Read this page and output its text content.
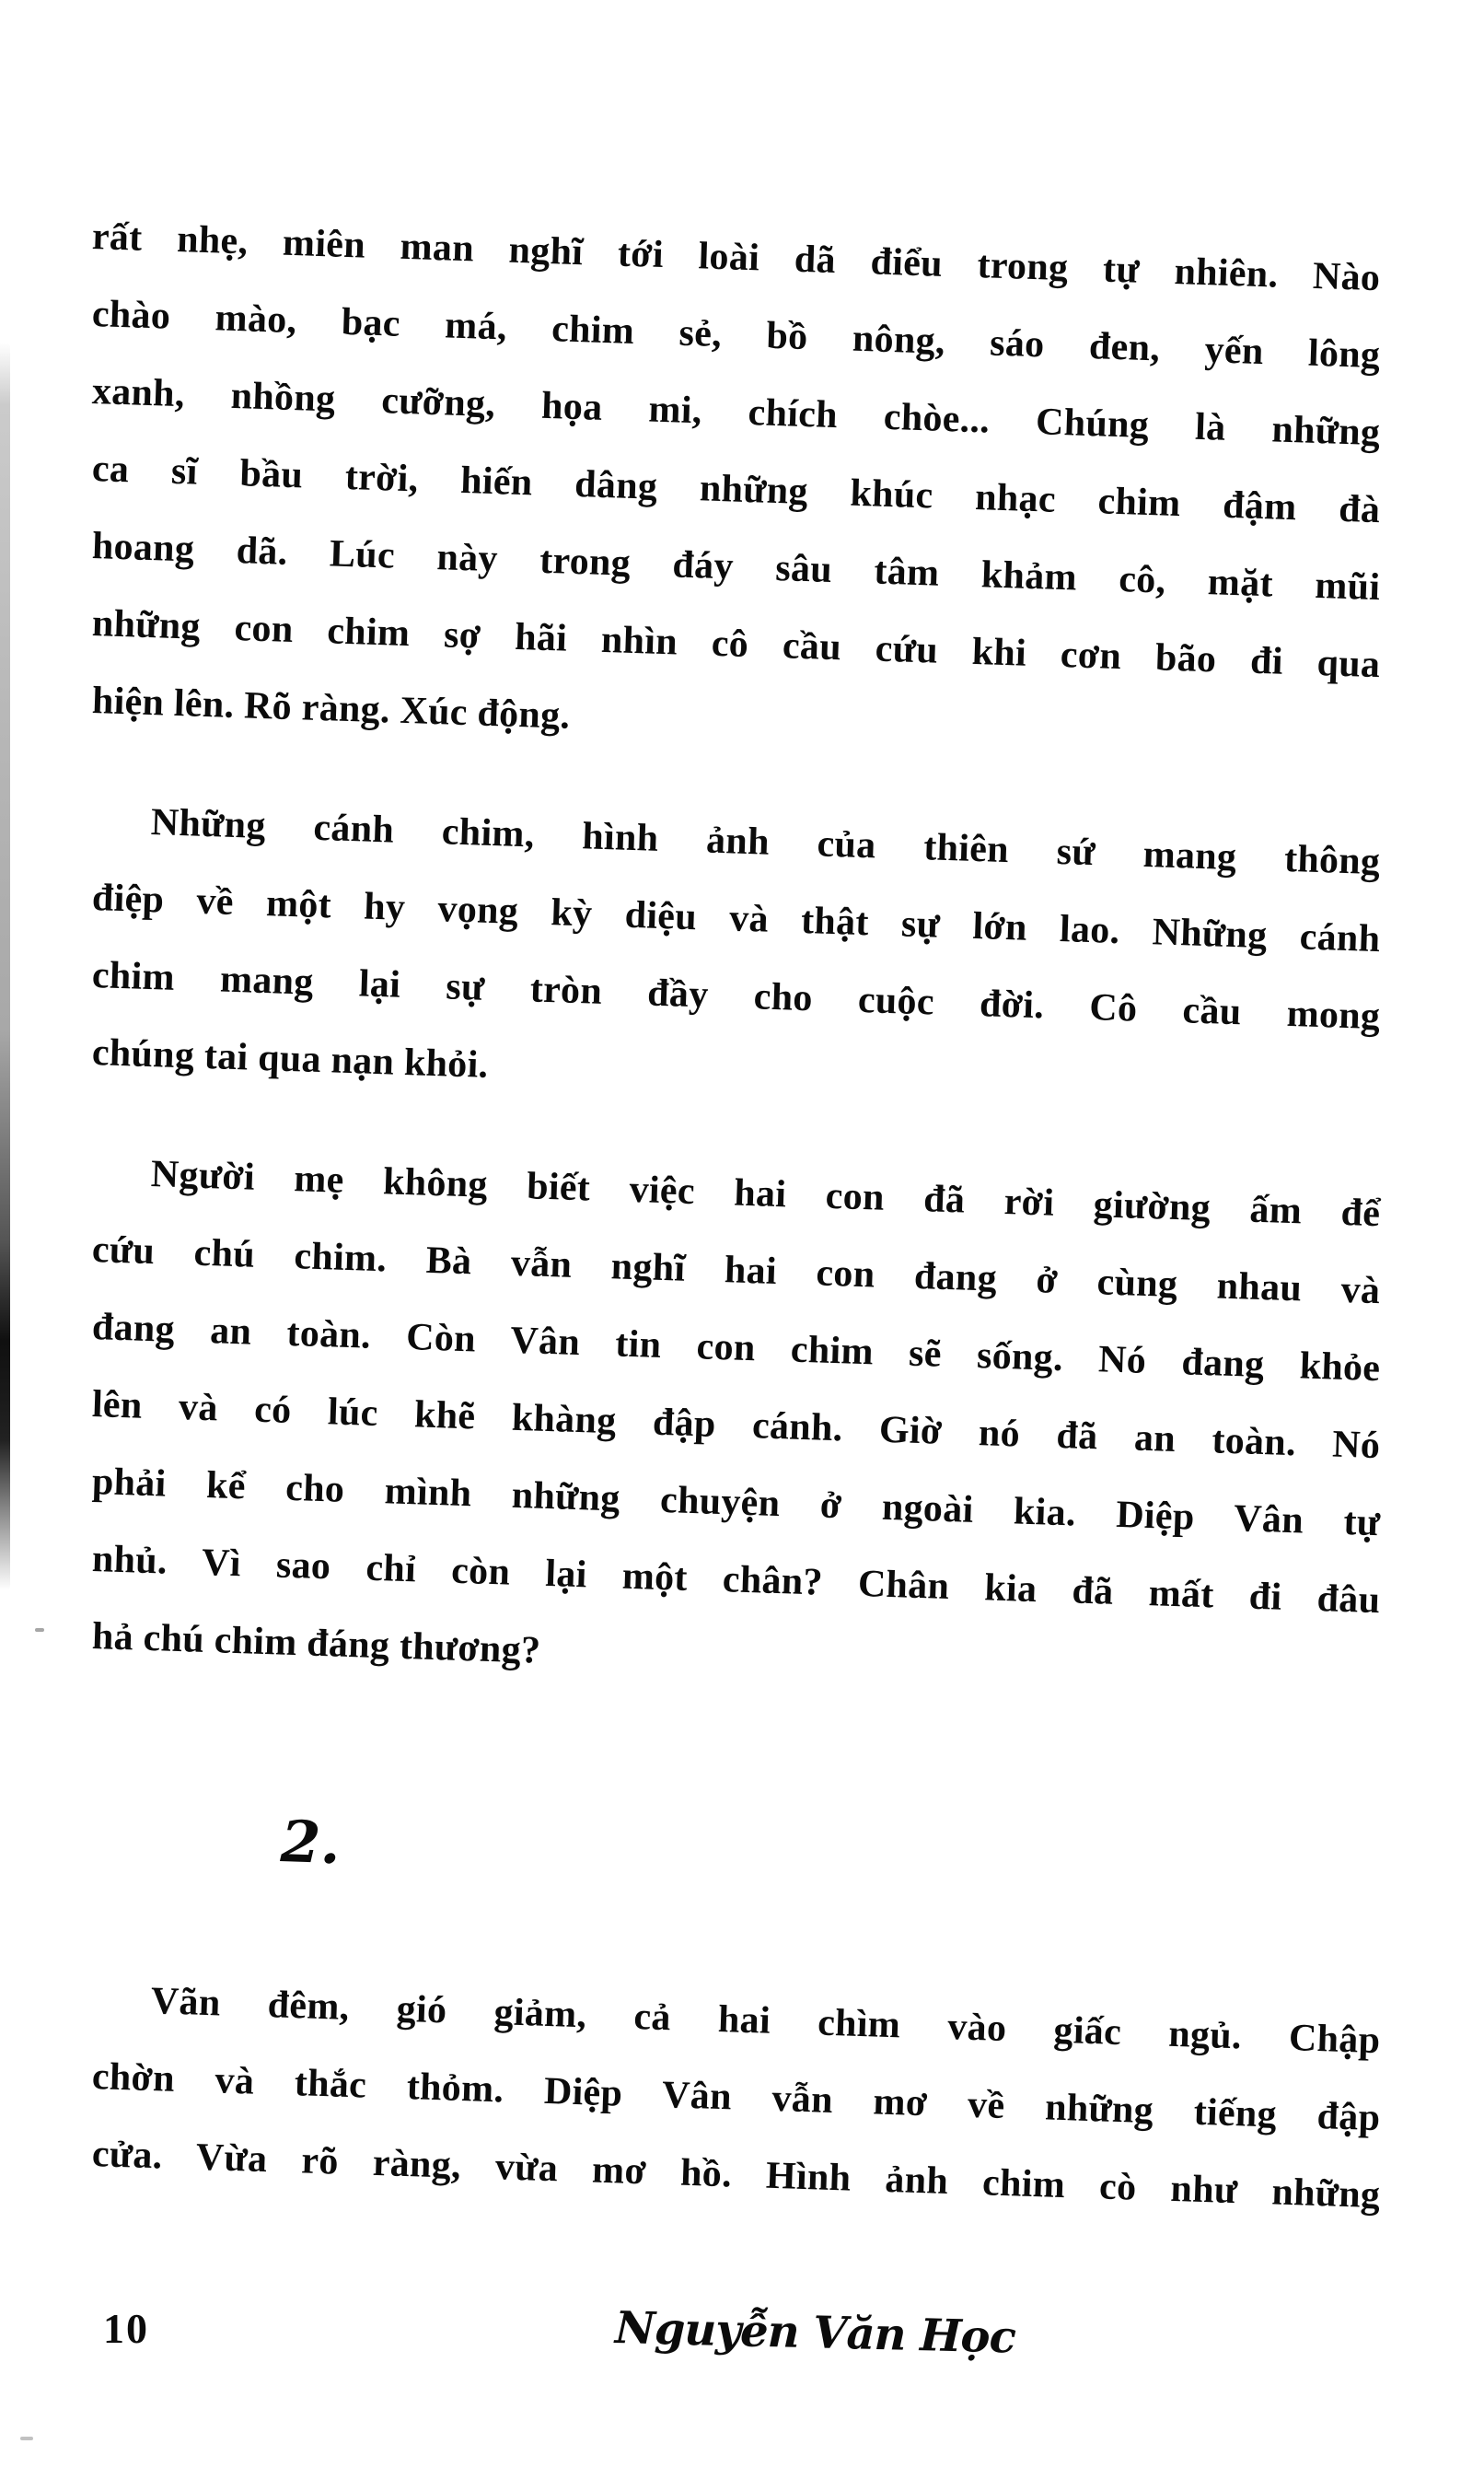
rất nhẹ, miên man nghĩ tới loài dã điểu trong tự nhiên. Nào
chào mào, bạc má, chim sẻ, bồ nông, sáo đen, yến lông
xanh, nhồng cưỡng, họa mi, chích chòe... Chúng là những
ca sĩ bầu trời, hiến dâng những khúc nhạc chim đậm đà
hoang dã. Lúc này trong đáy sâu tâm khảm cô, mặt mũi
những con chim sợ hãi nhìn cô cầu cứu khi cơn bão đi qua
hiện lên. Rõ ràng. Xúc động.
Những cánh chim, hình ảnh của thiên sứ mang thông
điệp về một hy vọng kỳ diệu và thật sự lớn lao. Những cánh
chim mang lại sự tròn đầy cho cuộc đời. Cô cầu mong
chúng tai qua nạn khỏi.
Người mẹ không biết việc hai con đã rời giường ấm để
cứu chú chim. Bà vẫn nghĩ hai con đang ở cùng nhau và
đang an toàn. Còn Vân tin con chim sẽ sống. Nó đang khỏe
lên và có lúc khẽ khàng đập cánh. Giờ nó đã an toàn. Nó
phải kể cho mình những chuyện ở ngoài kia. Diệp Vân tự
nhủ. Vì sao chỉ còn lại một chân? Chân kia đã mất đi đâu
hả chú chim đáng thương?
2.
Vãn đêm, gió giảm, cả hai chìm vào giấc ngủ. Chập
chờn và thắc thỏm. Diệp Vân vẫn mơ về những tiếng đập
cửa. Vừa rõ ràng, vừa mơ hồ. Hình ảnh chim cò như những
10	Nguyễn Văn Học
